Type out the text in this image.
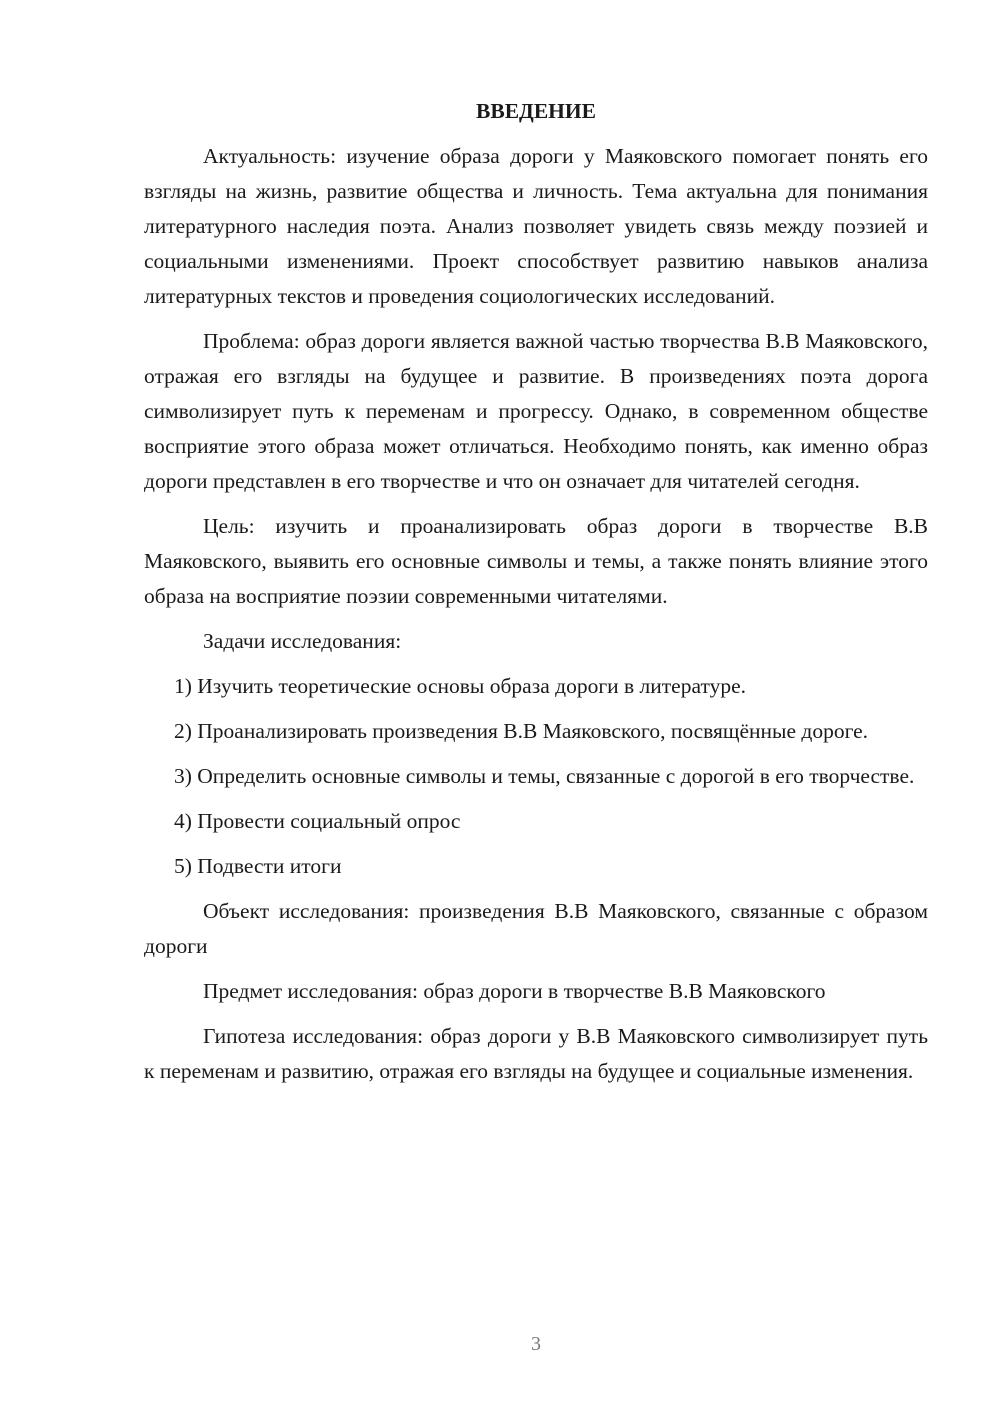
ВВЕДЕНИЕ

Актуальность: изучение образа дороги у Маяковского помогает понять его взгляды на жизнь, развитие общества и личность. Тема актуальна для понимания литературного наследия поэта. Анализ позволяет увидеть связь между поэзией и социальными изменениями. Проект способствует развитию навыков анализа литературных текстов и проведения социологических исследований.

Проблема: образ дороги является важной частью творчества В.В Маяковского, отражая его взгляды на будущее и развитие. В произведениях поэта дорога символизирует путь к переменам и прогрессу. Однако, в современном обществе восприятие этого образа может отличаться. Необходимо понять, как именно образ дороги представлен в его творчестве и что он означает для читателей сегодня.

Цель: изучить и проанализировать образ дороги в творчестве В.В Маяковского, выявить его основные символы и темы, а также понять влияние этого образа на восприятие поэзии современными читателями.

Задачи исследования:

1) Изучить теоретические основы образа дороги в литературе.

2) Проанализировать произведения В.В Маяковского, посвящённые дороге.

3) Определить основные символы и темы, связанные с дорогой в его творчестве.

4) Провести социальный опрос

5) Подвести итоги

Объект исследования: произведения В.В Маяковского, связанные с образом дороги

Предмет исследования: образ дороги в творчестве В.В Маяковского

Гипотеза исследования: образ дороги у В.В Маяковского символизирует путь к переменам и развитию, отражая его взгляды на будущее и социальные изменения.

3
